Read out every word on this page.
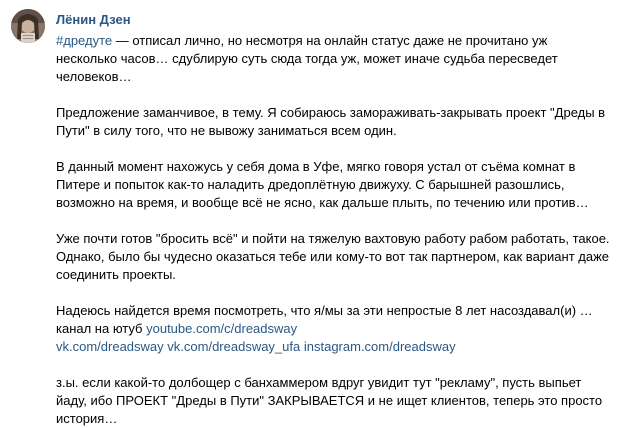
Лёнин Дзен
#дредуте — отписал лично, но несмотря на онлайн статус даже не прочитано уж
несколько часов… сдублирую суть сюда тогда уж, может иначе судьба пересведет
человеков…
Предложение заманчивое, в тему. Я собираюсь замораживать-закрывать проект "Дреды в
Пути" в силу того, что не вывожу заниматься всем один.
В данный момент нахожусь у себя дома в Уфе, мягко говоря устал от съёма комнат в
Питере и попыток как-то наладить дредоплётную движуху. С барышней разошлись,
возможно на время, и вообще всё не ясно, как дальше плыть, по течению или против…
Уже почти готов "бросить всё" и пойти на тяжелую вахтовую работу рабом работать, такое.
Однако, было бы чудесно оказаться тебе или кому-то вот так партнером, как вариант даже
соединить проекты.
Надеюсь найдется время посмотреть, что я/мы за эти непростые 8 лет насоздавал(и) …
канал на ютуб youtube.com/c/dreadsway
vk.com/dreadsway vk.com/dreadsway_ufa instagram.com/dreadsway
з.ы. если какой-то долбощер с банхаммером вдруг увидит тут "рекламу", пусть выпьет
йаду, ибо ПРОЕКТ "Дреды в Пути" ЗАКРЫВАЕТСЯ и не ищет клиентов, теперь это просто
история…
